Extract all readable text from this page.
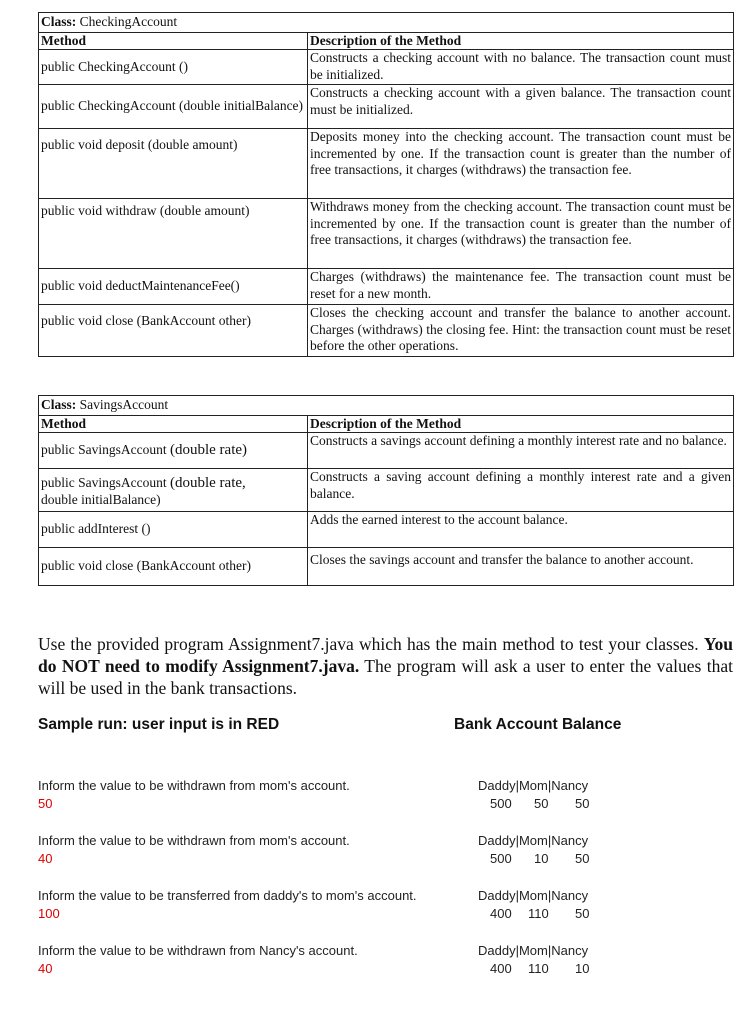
Class: CheckingAccount	
Method	Description of the Method
public CheckingAccount ()	Constructs a checking account with no balance. The transaction count must be initialized.
public CheckingAccount (double initialBalance)	Constructs a checking account with a given balance. The transaction count must be initialized.
public void deposit (double amount)	Deposits money into the checking account. The transaction count must be incremented by one. If the transaction count is greater than the number of free transactions, it charges (withdraws) the transaction fee.
public void withdraw (double amount)	Withdraws money from the checking account. The transaction count must be incremented by one. If the transaction count is greater than the number of free transactions, it charges (withdraws) the transaction fee.
public void deductMaintenanceFee()	Charges (withdraws) the maintenance fee. The transaction count must be reset for a new month.
public void close (BankAccount other)	Closes the checking account and transfer the balance to another account. Charges (withdraws) the closing fee. Hint: the transaction count must be reset before the other operations.
Class: SavingsAccount	
Method	Description of the Method
public SavingsAccount (double rate)	Constructs a savings account defining a monthly interest rate and no balance.
public SavingsAccount (double rate,
double initialBalance)	Constructs a saving account defining a monthly interest rate and a given balance.
public addInterest ()	Adds the earned interest to the account balance.
public void close (BankAccount other)	Closes the savings account and transfer the balance to another account.
Use the provided program Assignment7.java which has the main method to test your classes. You do NOT need to modify Assignment7.java. The program will ask a user to enter the values that will be used in the bank transactions.
Sample run: user input is in RED	Bank Account Balance
Inform the value to be withdrawn from mom's account.
50
Daddy|Mom|Nancy
500 50 50
Inform the value to be withdrawn from mom's account.
40
Daddy|Mom|Nancy
500 10 50
Inform the value to be transferred from daddy's to mom's account.
100
Daddy|Mom|Nancy
400 110 50
Inform the value to be withdrawn from Nancy's account.
40
Daddy|Mom|Nancy
400 110 10
